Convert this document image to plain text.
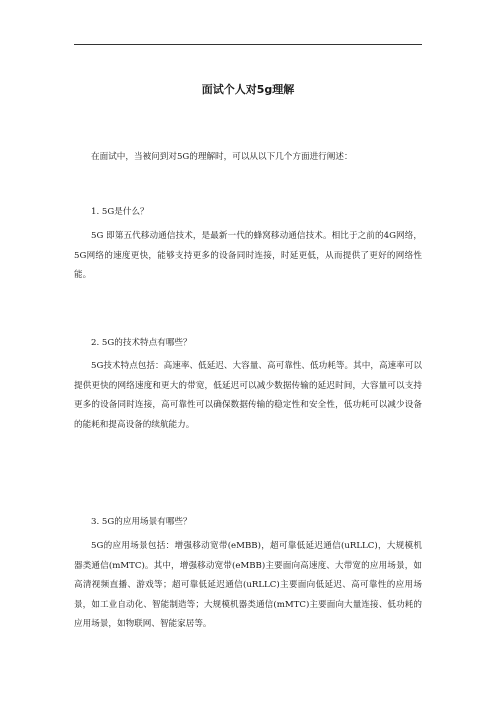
面试个人对5g理解
在面试中，当被问到对5G的理解时，可以从以下几个方面进行阐述：
1. 5G是什么？
5G 即第五代移动通信技术，是最新一代的蜂窝移动通信技术。相比于之前的4G网络，5G网络的速度更快，能够支持更多的设备同时连接，时延更低，从而提供了更好的网络性能。
2. 5G的技术特点有哪些？
5G技术特点包括：高速率、低延迟、大容量、高可靠性、低功耗等。其中，高速率可以提供更快的网络速度和更大的带宽，低延迟可以减少数据传输的延迟时间，大容量可以支持更多的设备同时连接，高可靠性可以确保数据传输的稳定性和安全性，低功耗可以减少设备的能耗和提高设备的续航能力。
3. 5G的应用场景有哪些？
5G的应用场景包括：增强移动宽带(eMBB)，超可靠低延迟通信(uRLLC)，大规模机器类通信(mMTC)。其中，增强移动宽带(eMBB)主要面向高速度、大带宽的应用场景，如高清视频直播、游戏等；超可靠低延迟通信(uRLLC)主要面向低延迟、高可靠性的应用场景，如工业自动化、智能制造等；大规模机器类通信(mMTC)主要面向大量连接、低功耗的应用场景，如物联网、智能家居等。
